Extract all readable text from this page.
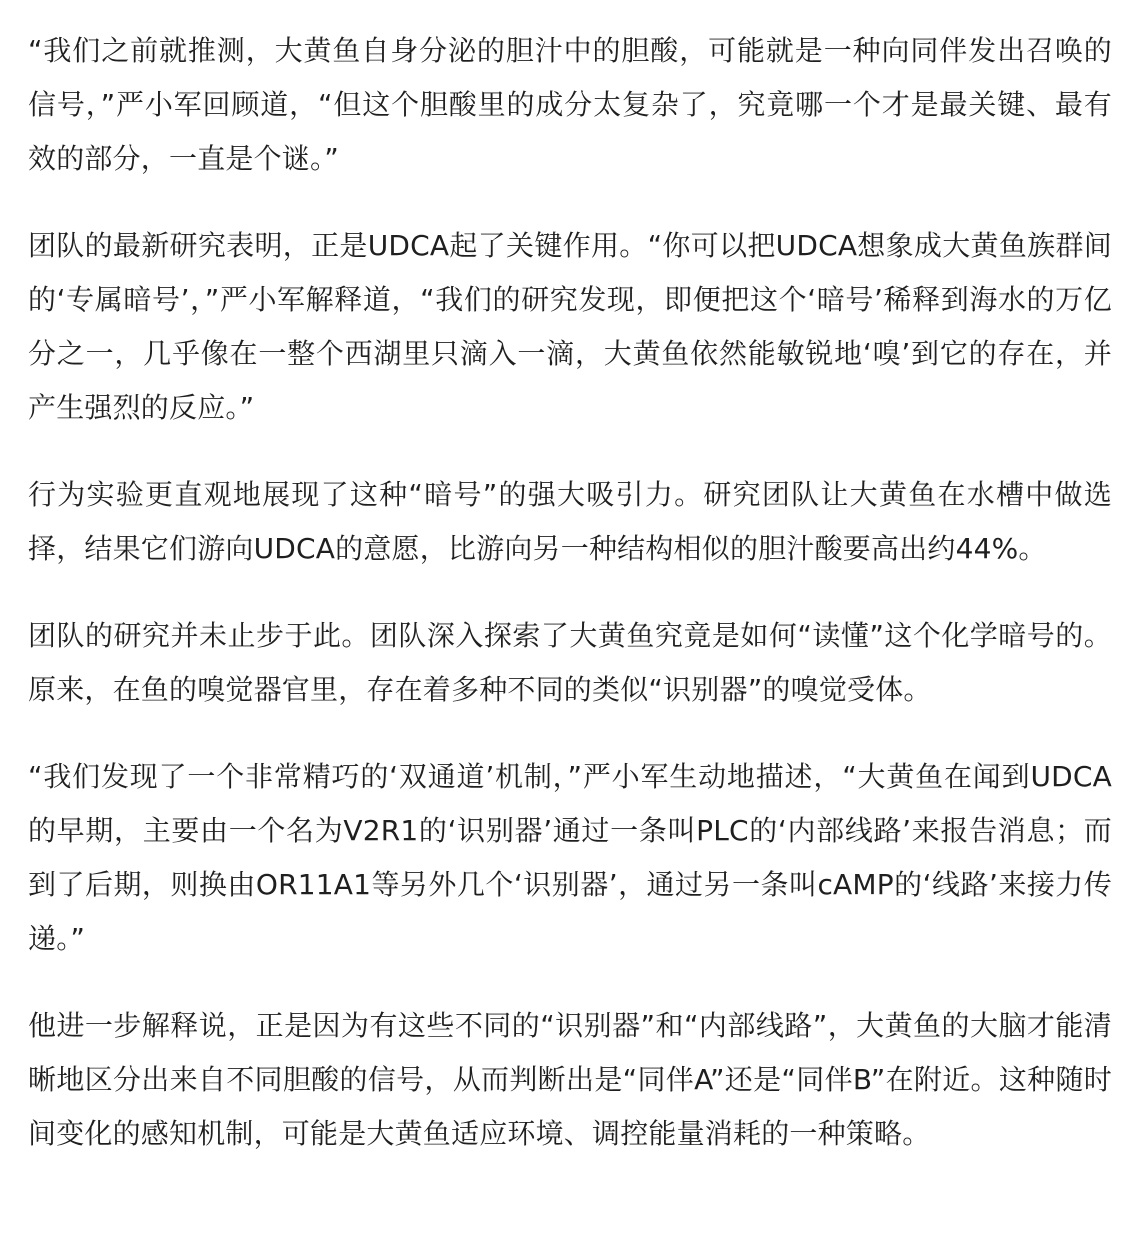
“我们之前就推测，大黄鱼自身分泌的胆汁中的胆酸，可能就是一种向同伴发出召唤的信号，”严小军回顾道，“但这个胆酸里的成分太复杂了，究竟哪一个才是最关键、最有效的部分，一直是个谜。”

团队的最新研究表明，正是UDCA起了关键作用。“你可以把UDCA想象成大黄鱼族群间的‘专属暗号’，”严小军解释道，“我们的研究发现，即便把这个‘暗号’稀释到海水的万亿分之一，几乎像在一整个西湖里只滴入一滴，大黄鱼依然能敏锐地‘嗅’到它的存在，并产生强烈的反应。”

行为实验更直观地展现了这种“暗号”的强大吸引力。研究团队让大黄鱼在水槽中做选择，结果它们游向UDCA的意愿，比游向另一种结构相似的胆汁酸要高出约44%。

团队的研究并未止步于此。团队深入探索了大黄鱼究竟是如何“读懂”这个化学暗号的。原来，在鱼的嗅觉器官里，存在着多种不同的类似“识别器”的嗅觉受体。

“我们发现了一个非常精巧的‘双通道’机制，”严小军生动地描述，“大黄鱼在闻到UDCA的早期，主要由一个名为V2R1的‘识别器’通过一条叫PLC的‘内部线路’来报告消息；而到了后期，则换由OR11A1等另外几个‘识别器’，通过另一条叫cAMP的‘线路’来接力传递。”

他进一步解释说，正是因为有这些不同的“识别器”和“内部线路”，大黄鱼的大脑才能清晰地区分出来自不同胆酸的信号，从而判断出是“同伴A”还是“同伴B”在附近。这种随时间变化的感知机制，可能是大黄鱼适应环境、调控能量消耗的一种策略。
